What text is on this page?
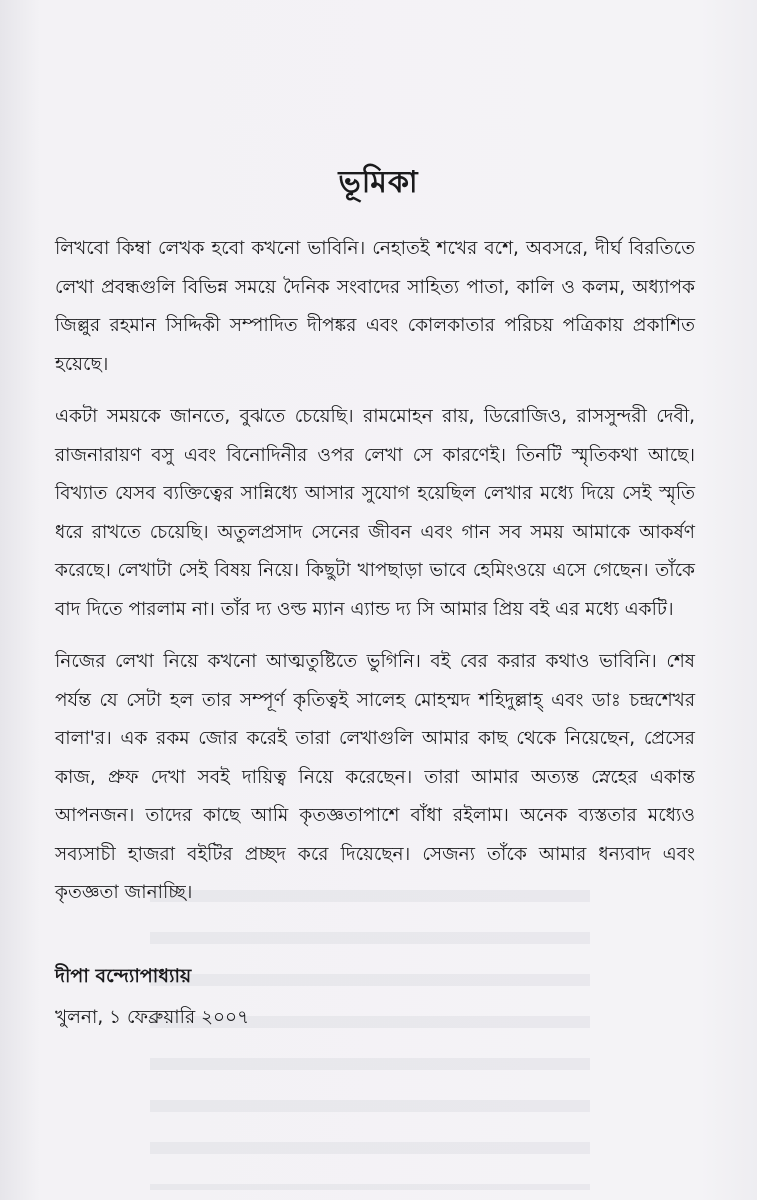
ভূমিকা

লিখবো কিম্বা লেখক হবো কখনো ভাবিনি। নেহাতই শখের বশে, অবসরে, দীর্ঘ বিরতিতে লেখা প্রবন্ধগুলি বিভিন্ন সময়ে দৈনিক সংবাদের সাহিত্য পাতা, কালি ও কলম, অধ্যাপক জিল্লুর রহমান সিদ্দিকী সম্পাদিত দীপঙ্কর এবং কোলকাতার পরিচয় পত্রিকায় প্রকাশিত হয়েছে।

একটা সময়কে জানতে, বুঝতে চেয়েছি। রামমোহন রায়, ডিরোজিও, রাসসুন্দরী দেবী, রাজনারায়ণ বসু এবং বিনোদিনীর ওপর লেখা সে কারণেই। তিনটি স্মৃতিকথা আছে। বিখ্যাত যেসব ব্যক্তিত্বের সান্নিধ্যে আসার সুযোগ হয়েছিল লেখার মধ্যে দিয়ে সেই স্মৃতি ধরে রাখতে চেয়েছি। অতুলপ্রসাদ সেনের জীবন এবং গান সব সময় আমাকে আকর্ষণ করেছে। লেখাটা সেই বিষয় নিয়ে। কিছুটা খাপছাড়া ভাবে হেমিংওয়ে এসে গেছেন। তাঁকে বাদ দিতে পারলাম না। তাঁর দ্য ওল্ড ম্যান এ্যান্ড দ্য সি আমার প্রিয় বই এর মধ্যে একটি।

নিজের লেখা নিয়ে কখনো আত্মতুষ্টিতে ভুগিনি। বই বের করার কথাও ভাবিনি। শেষ পর্যন্ত যে সেটা হল তার সম্পূর্ণ কৃতিত্বই সালেহ মোহম্মদ শহিদুল্লাহ্ এবং ডাঃ চন্দ্রশেখর বালা'র। এক রকম জোর করেই তারা লেখাগুলি আমার কাছ থেকে নিয়েছেন, প্রেসের কাজ, প্রুফ দেখা সবই দায়িত্ব নিয়ে করেছেন। তারা আমার অত্যন্ত স্নেহের একান্ত আপনজন। তাদের কাছে আমি কৃতজ্ঞতাপাশে বাঁধা রইলাম। অনেক ব্যস্ততার মধ্যেও সব্যসাচী হাজরা বইটির প্রচ্ছদ করে দিয়েছেন। সেজন্য তাঁকে আমার ধন্যবাদ এবং কৃতজ্ঞতা জানাচ্ছি।

দীপা বন্দ্যোপাধ্যায়
খুলনা, ১ ফেব্রুয়ারি ২০০৭
